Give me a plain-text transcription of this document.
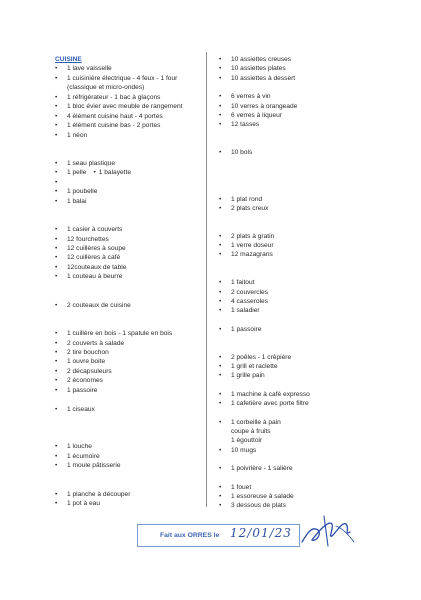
CUISINE
• 1 lave vaisselle
• 1 cuisinière électrique - 4 feux - 1 four
(classique et micro-ondes)
• 1 réfrigérateur - 1 bac à glaçons
• 1 bloc évier avec meuble de rangement
• 4 élément cuisine haut - 4 portes
• 1 élément cuisine bas - 2 portes
• 1 néon
• 1 seau plastique
• 1 pelle • 1 balayette
•
• 1 poubelle
• 1 balai
• 1 casier à couverts
• 12 fourchettes
• 12 cuillères à soupe
• 12 cuillères à café
• 12couteaux de table
• 1 couteau à beurre
• 2 couteaux de cuisine
• 1 cuillère en bois - 1 spatule en bois
• 2 couverts à salade
• 2 tire bouchon
• 1 ouvre boite
• 2 décapsuleurs
• 2 économes
• 1 passoire
• 1 ciseaux
• 1 louche
• 1 écumoire
• 1 moule pâtisserie
• 1 planche à découper
• 1 pot à eau
• 10 assiettes creuses
• 10 assiettes plates
• 10 assiettes à dessert
• 6 verres à vin
• 10 verres à orangeade
• 6 verres à liqueur
• 12 tasses
• 10 bols
• 1 plat rond
• 2 plats creux
• 2 plats à gratin
• 1 verre doseur
• 12 mazagrans
• 1 faitout
• 2 couvercles
• 4 casseroles
• 1 saladier
• 1 passoire
• 2 poêles - 1 crêpière
• 1 grill et raclette
• 1 grille pain
• 1 machine à café expresso
• 1 cafetière avec porte filtre
• 1 corbeille à pain
coupe à fruits
1 égouttoir
• 10 mugs
• 1 poivrière - 1 salière
• 1 fouet
• 1 essoreuse à salade
• 3 dessous de plats
Fait aux ORRES le 12/01/23
